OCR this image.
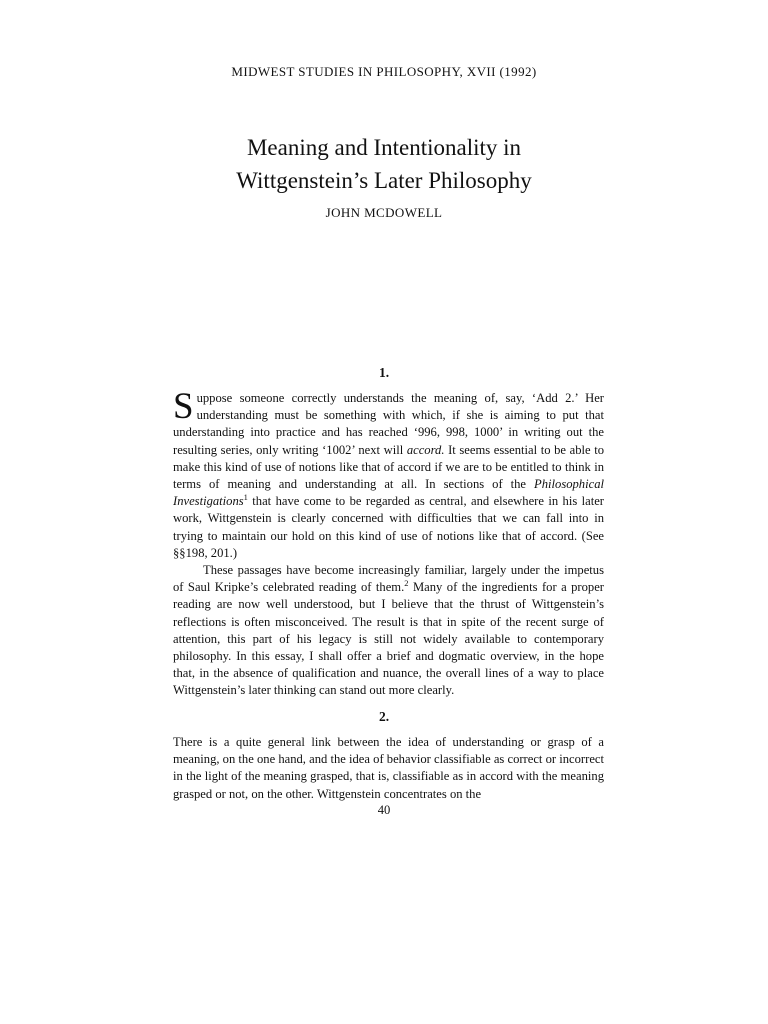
MIDWEST STUDIES IN PHILOSOPHY, XVII (1992)
Meaning and Intentionality in
Wittgenstein’s Later Philosophy
JOHN MCDOWELL
1.

Suppose someone correctly understands the meaning of, say, ‘Add 2.’ Her understanding must be something with which, if she is aiming to put that understanding into practice and has reached ‘996, 998, 1000’ in writing out the resulting series, only writing ‘1002’ next will accord. It seems essential to be able to make this kind of use of notions like that of accord if we are to be entitled to think in terms of meaning and understanding at all. In sections of the Philosophical Investigations$^1$ that have come to be regarded as central, and elsewhere in his later work, Wittgenstein is clearly concerned with difficulties that we can fall into in trying to maintain our hold on this kind of use of notions like that of accord. (See §§198, 201.)

These passages have become increasingly familiar, largely under the impetus of Saul Kripke’s celebrated reading of them.$^2$ Many of the ingredients for a proper reading are now well understood, but I believe that the thrust of Wittgenstein’s reflections is often misconceived. The result is that in spite of the recent surge of attention, this part of his legacy is still not widely available to contemporary philosophy. In this essay, I shall offer a brief and dogmatic overview, in the hope that, in the absence of qualification and nuance, the overall lines of a way to place Wittgenstein’s later thinking can stand out more clearly.

2.

There is a quite general link between the idea of understanding or grasp of a meaning, on the one hand, and the idea of behavior classifiable as correct or incorrect in the light of the meaning grasped, that is, classifiable as in accord with the meaning grasped or not, on the other. Wittgenstein concentrates on the

40
